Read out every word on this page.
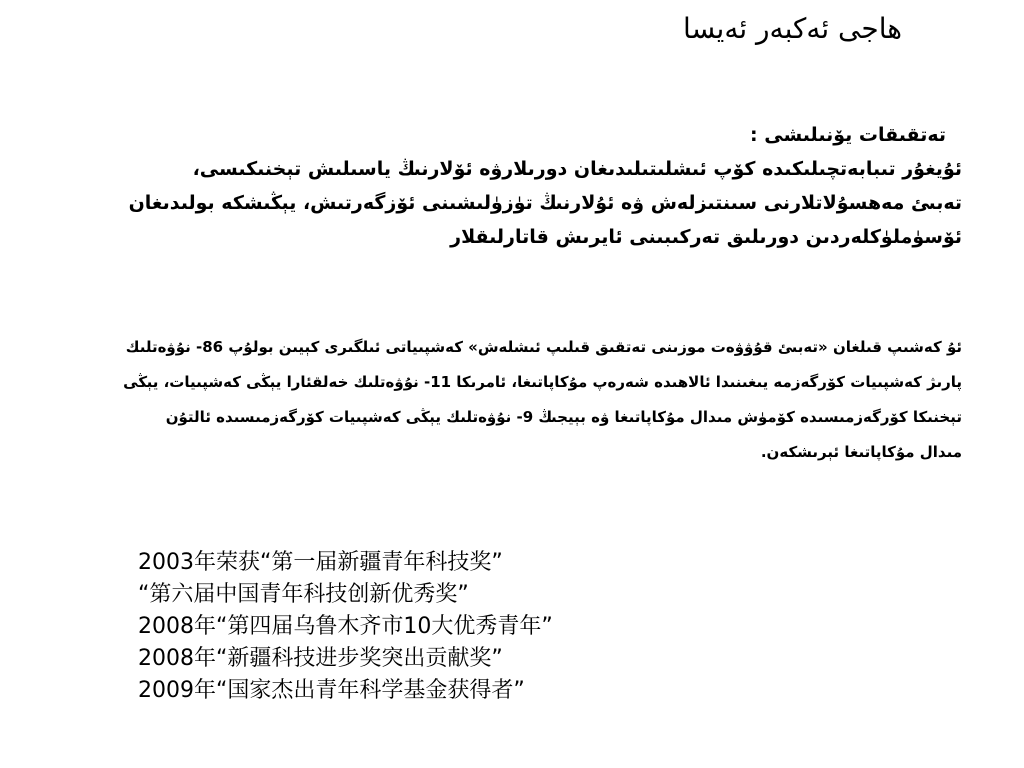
هاجى ئەكبەر ئەيسا
تەتقىقات يۆنىلىشى :
ئۇيغۇر تىبابەتچىلىكىدە كۆپ ئىشلىتىلىدىغان دورىلارۋە ئۆلارنىڭ ياسىلىش تېخنىكىسى،
تەبىئ مەھسۇلاتلارنى سىنتىزلەش ۋە ئۇلارنىڭ تۈزۈلىشىنى ئۆزگەرتىش، يېڭىشكە بولىدىغان
ئۆسۈملۈكلەردىن دورىلىق تەركىبىنى ئايرىش قاتارلىقلار
ئۇ كەشىپ قىلغان «تەبىئ قۇۋۋەت موزىنى تەتقىق قىلىپ ئىشلەش» كەشپىياتى ئىلگىرى كېيىن بولۇپ 86- نۇۋەتلىك
پارىژ كەشپىيات كۆرگەزمە يىغىنىدا ئالاھىدە شەرەپ مۇكاپاتىغا، ئامرىكا 11- نۇۋەتلىك خەلقئارا يېڭى كەشپىيات، يېڭى
تېخنىكا كۆرگەزمىسىدە كۆمۈش مىدال مۇكاپاتىغا ۋە بېيجىڭ 9- نۇۋەتلىك يېڭى كەشپىيات كۆرگەزمىسىدە ئالتۇن
مىدال مۇكاپاتىغا ئېرىشكەن.
2003年荣获“第一届新疆青年科技奖”
“第六届中国青年科技创新优秀奖”
2008年“第四届乌鲁木齐市10大优秀青年”
2008年“新疆科技进步奖突出贡献奖”
2009年“国家杰出青年科学基金获得者”
